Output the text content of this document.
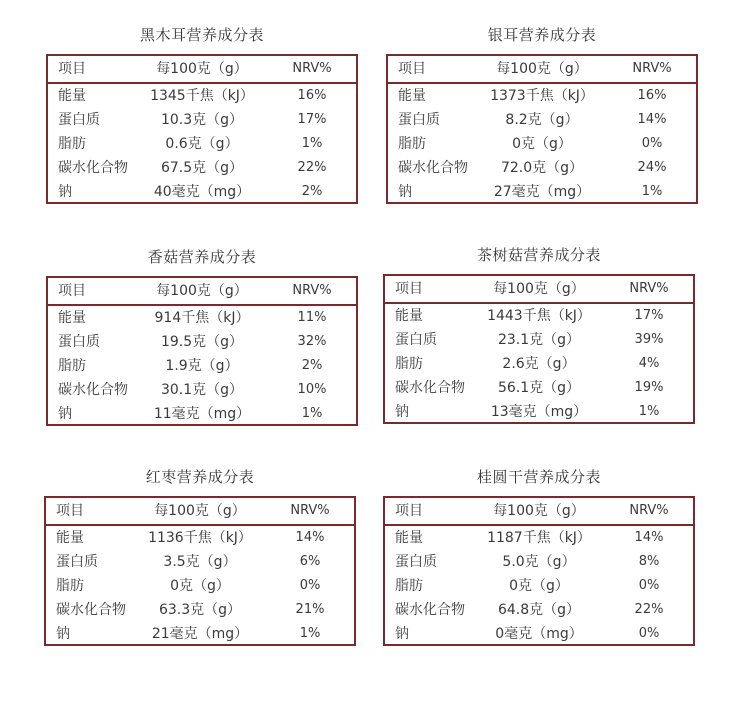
黑木耳营养成分表
项目	每100克（g）	NRV%
能量	1345千焦（kJ）	16%
蛋白质	10.3克（g）	17%
脂肪	0.6克（g）	1%
碳水化合物	67.5克（g）	22%
钠	40毫克（mg）	2%
银耳营养成分表
项目	每100克（g）	NRV%
能量	1373千焦（kJ）	16%
蛋白质	8.2克（g）	14%
脂肪	0克（g）	0%
碳水化合物	72.0克（g）	24%
钠	27毫克（mg）	1%
香菇营养成分表
项目	每100克（g）	NRV%
能量	914千焦（kJ）	11%
蛋白质	19.5克（g）	32%
脂肪	1.9克（g）	2%
碳水化合物	30.1克（g）	10%
钠	11毫克（mg）	1%
茶树菇营养成分表
项目	每100克（g）	NRV%
能量	1443千焦（kJ）	17%
蛋白质	23.1克（g）	39%
脂肪	2.6克（g）	4%
碳水化合物	56.1克（g）	19%
钠	13毫克（mg）	1%
红枣营养成分表
项目	每100克（g）	NRV%
能量	1136千焦（kJ）	14%
蛋白质	3.5克（g）	6%
脂肪	0克（g）	0%
碳水化合物	63.3克（g）	21%
钠	21毫克（mg）	1%
桂圆干营养成分表
项目	每100克（g）	NRV%
能量	1187千焦（kJ）	14%
蛋白质	5.0克（g）	8%
脂肪	0克（g）	0%
碳水化合物	64.8克（g）	22%
钠	0毫克（mg）	0%
